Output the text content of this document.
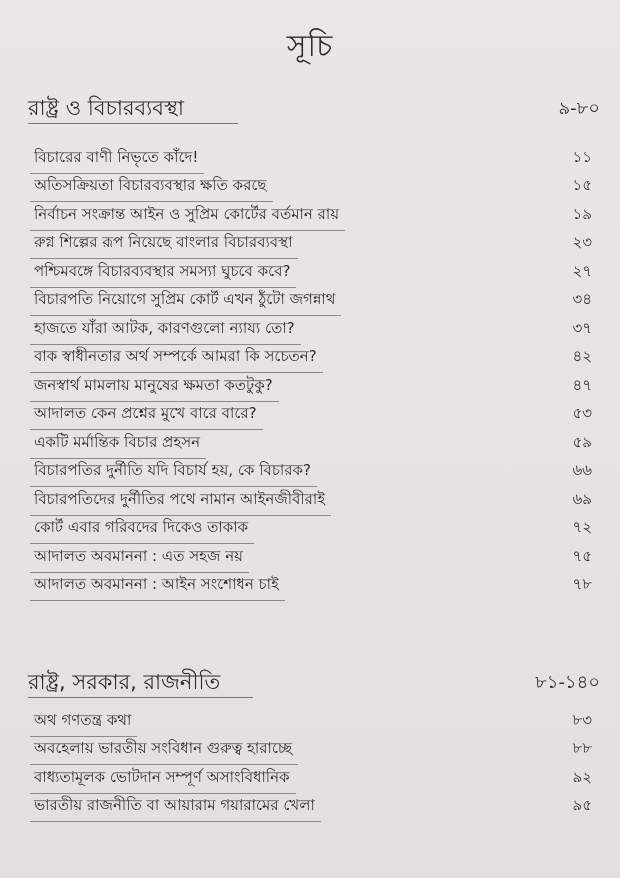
সূচি
রাষ্ট্র ও বিচারব্যবস্থা	৯-৮০
বিচারের বাণী নিভৃতে কাঁদে!	১১
অতিসক্রিয়তা বিচারব্যবস্থার ক্ষতি করছে	১৫
নির্বাচন সংক্রান্ত আইন ও সুপ্রিম কোর্টের বর্তমান রায়	১৯
রুগ্ন শিল্পের রূপ নিয়েছে বাংলার বিচারব্যবস্থা	২৩
পশ্চিমবঙ্গে বিচারব্যবস্থার সমস্যা ঘুচবে কবে?	২৭
বিচারপতি নিয়োগে সুপ্রিম কোর্ট এখন ঠুঁটো জগন্নাথ	৩৪
হাজতে যাঁরা আটক, কারণগুলো ন্যায্য তো?	৩৭
বাক স্বাধীনতার অর্থ সম্পর্কে আমরা কি সচেতন?	৪২
জনস্বার্থ মামলায় মানুষের ক্ষমতা কতটুকু?	৪৭
আদালত কেন প্রশ্নের মুখে বারে বারে?	৫৩
একটি মর্মান্তিক বিচার প্রহসন	৫৯
বিচারপতির দুর্নীতি যদি বিচার্য হয়, কে বিচারক?	৬৬
বিচারপতিদের দুর্নীতির পথে নামান আইনজীবীরাই	৬৯
কোর্ট এবার গরিবদের দিকেও তাকাক	৭২
আদালত অবমাননা : এত সহজ নয়	৭৫
আদালত অবমাননা : আইন সংশোধন চাই	৭৮
রাষ্ট্র, সরকার, রাজনীতি	৮১-১৪০
অথ গণতন্ত্র কথা	৮৩
অবহেলায় ভারতীয় সংবিধান গুরুত্ব হারাচ্ছে	৮৮
বাধ্যতামূলক ভোটদান সম্পূর্ণ অসাংবিধানিক	৯২
ভারতীয় রাজনীতি বা আয়ারাম গয়ারামের খেলা	৯৫
